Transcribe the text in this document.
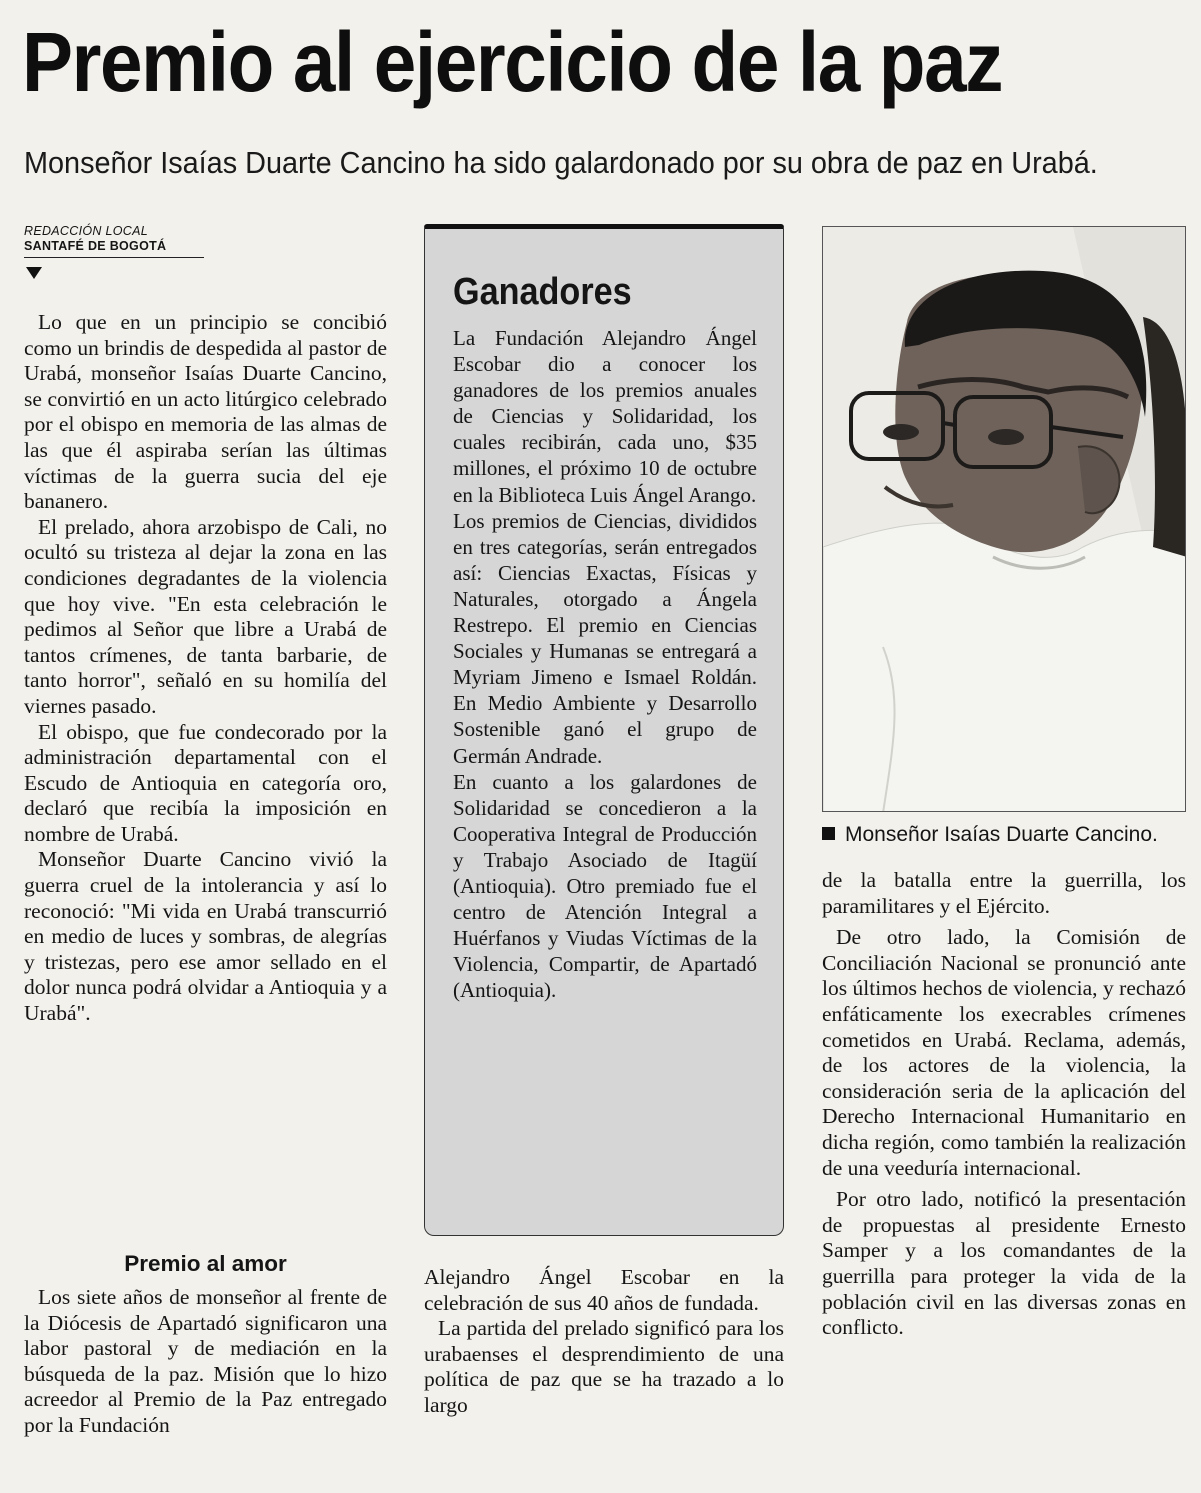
Premio al ejercicio de la paz
Monseñor Isaías Duarte Cancino ha sido galardonado por su obra de paz en Urabá.
REDACCIÓN LOCAL
SANTAFÉ DE BOGOTÁ

Lo que en un principio se concibió como un brindis de despedida al pastor de Urabá, monseñor Isaías Duarte Cancino, se convirtió en un acto litúrgico celebrado por el obispo en memoria de las almas de las que él aspiraba serían las últimas víctimas de la guerra sucia del eje bananero.

El prelado, ahora arzobispo de Cali, no ocultó su tristeza al dejar la zona en las condiciones degradantes de la violencia que hoy vive. "En esta celebración le pedimos al Señor que libre a Urabá de tantos crímenes, de tanta barbarie, de tanto horror", señaló en su homilía del viernes pasado.

El obispo, que fue condecorado por la administración departamental con el Escudo de Antioquia en categoría oro, declaró que recibía la imposición en nombre de Urabá.

Monseñor Duarte Cancino vivió la guerra cruel de la intolerancia y así lo reconoció: "Mi vida en Urabá transcurrió en medio de luces y sombras, de alegrías y tristezas, pero ese amor sellado en el dolor nunca podrá olvidar a Antioquia y a Urabá".

Premio al amor

Los siete años de monseñor al frente de la Diócesis de Apartadó significaron una labor pastoral y de mediación en la búsqueda de la paz. Misión que lo hizo acreedor al Premio de la Paz entregado por la Fundación

Ganadores

La Fundación Alejandro Ángel Escobar dio a conocer los ganadores de los premios anuales de Ciencias y Solidaridad, los cuales recibirán, cada uno, $35 millones, el próximo 10 de octubre en la Biblioteca Luis Ángel Arango.

Los premios de Ciencias, divididos en tres categorías, serán entregados así: Ciencias Exactas, Físicas y Naturales, otorgado a Ángela Restrepo. El premio en Ciencias Sociales y Humanas se entregará a Myriam Jimeno e Ismael Roldán. En Medio Ambiente y Desarrollo Sostenible ganó el grupo de Germán Andrade.

En cuanto a los galardones de Solidaridad se concedieron a la Cooperativa Integral de Producción y Trabajo Asociado de Itagüí (Antioquia). Otro premiado fue el centro de Atención Integral a Huérfanos y Viudas Víctimas de la Violencia, Compartir, de Apartadó (Antioquia).

Alejandro Ángel Escobar en la celebración de sus 40 años de fundada.

La partida del prelado significó para los urabaenses el desprendimiento de una política de paz que se ha trazado a lo largo

Monseñor Isaías Duarte Cancino.

de la batalla entre la guerrilla, los paramilitares y el Ejército.

De otro lado, la Comisión de Conciliación Nacional se pronunció ante los últimos hechos de violencia, y rechazó enfáticamente los execrables crímenes cometidos en Urabá. Reclama, además, de los actores de la violencia, la consideración seria de la aplicación del Derecho Internacional Humanitario en dicha región, como también la realización de una veeduría internacional.

Por otro lado, notificó la presentación de propuestas al presidente Ernesto Samper y a los comandantes de la guerrilla para proteger la vida de la población civil en las diversas zonas en conflicto.
